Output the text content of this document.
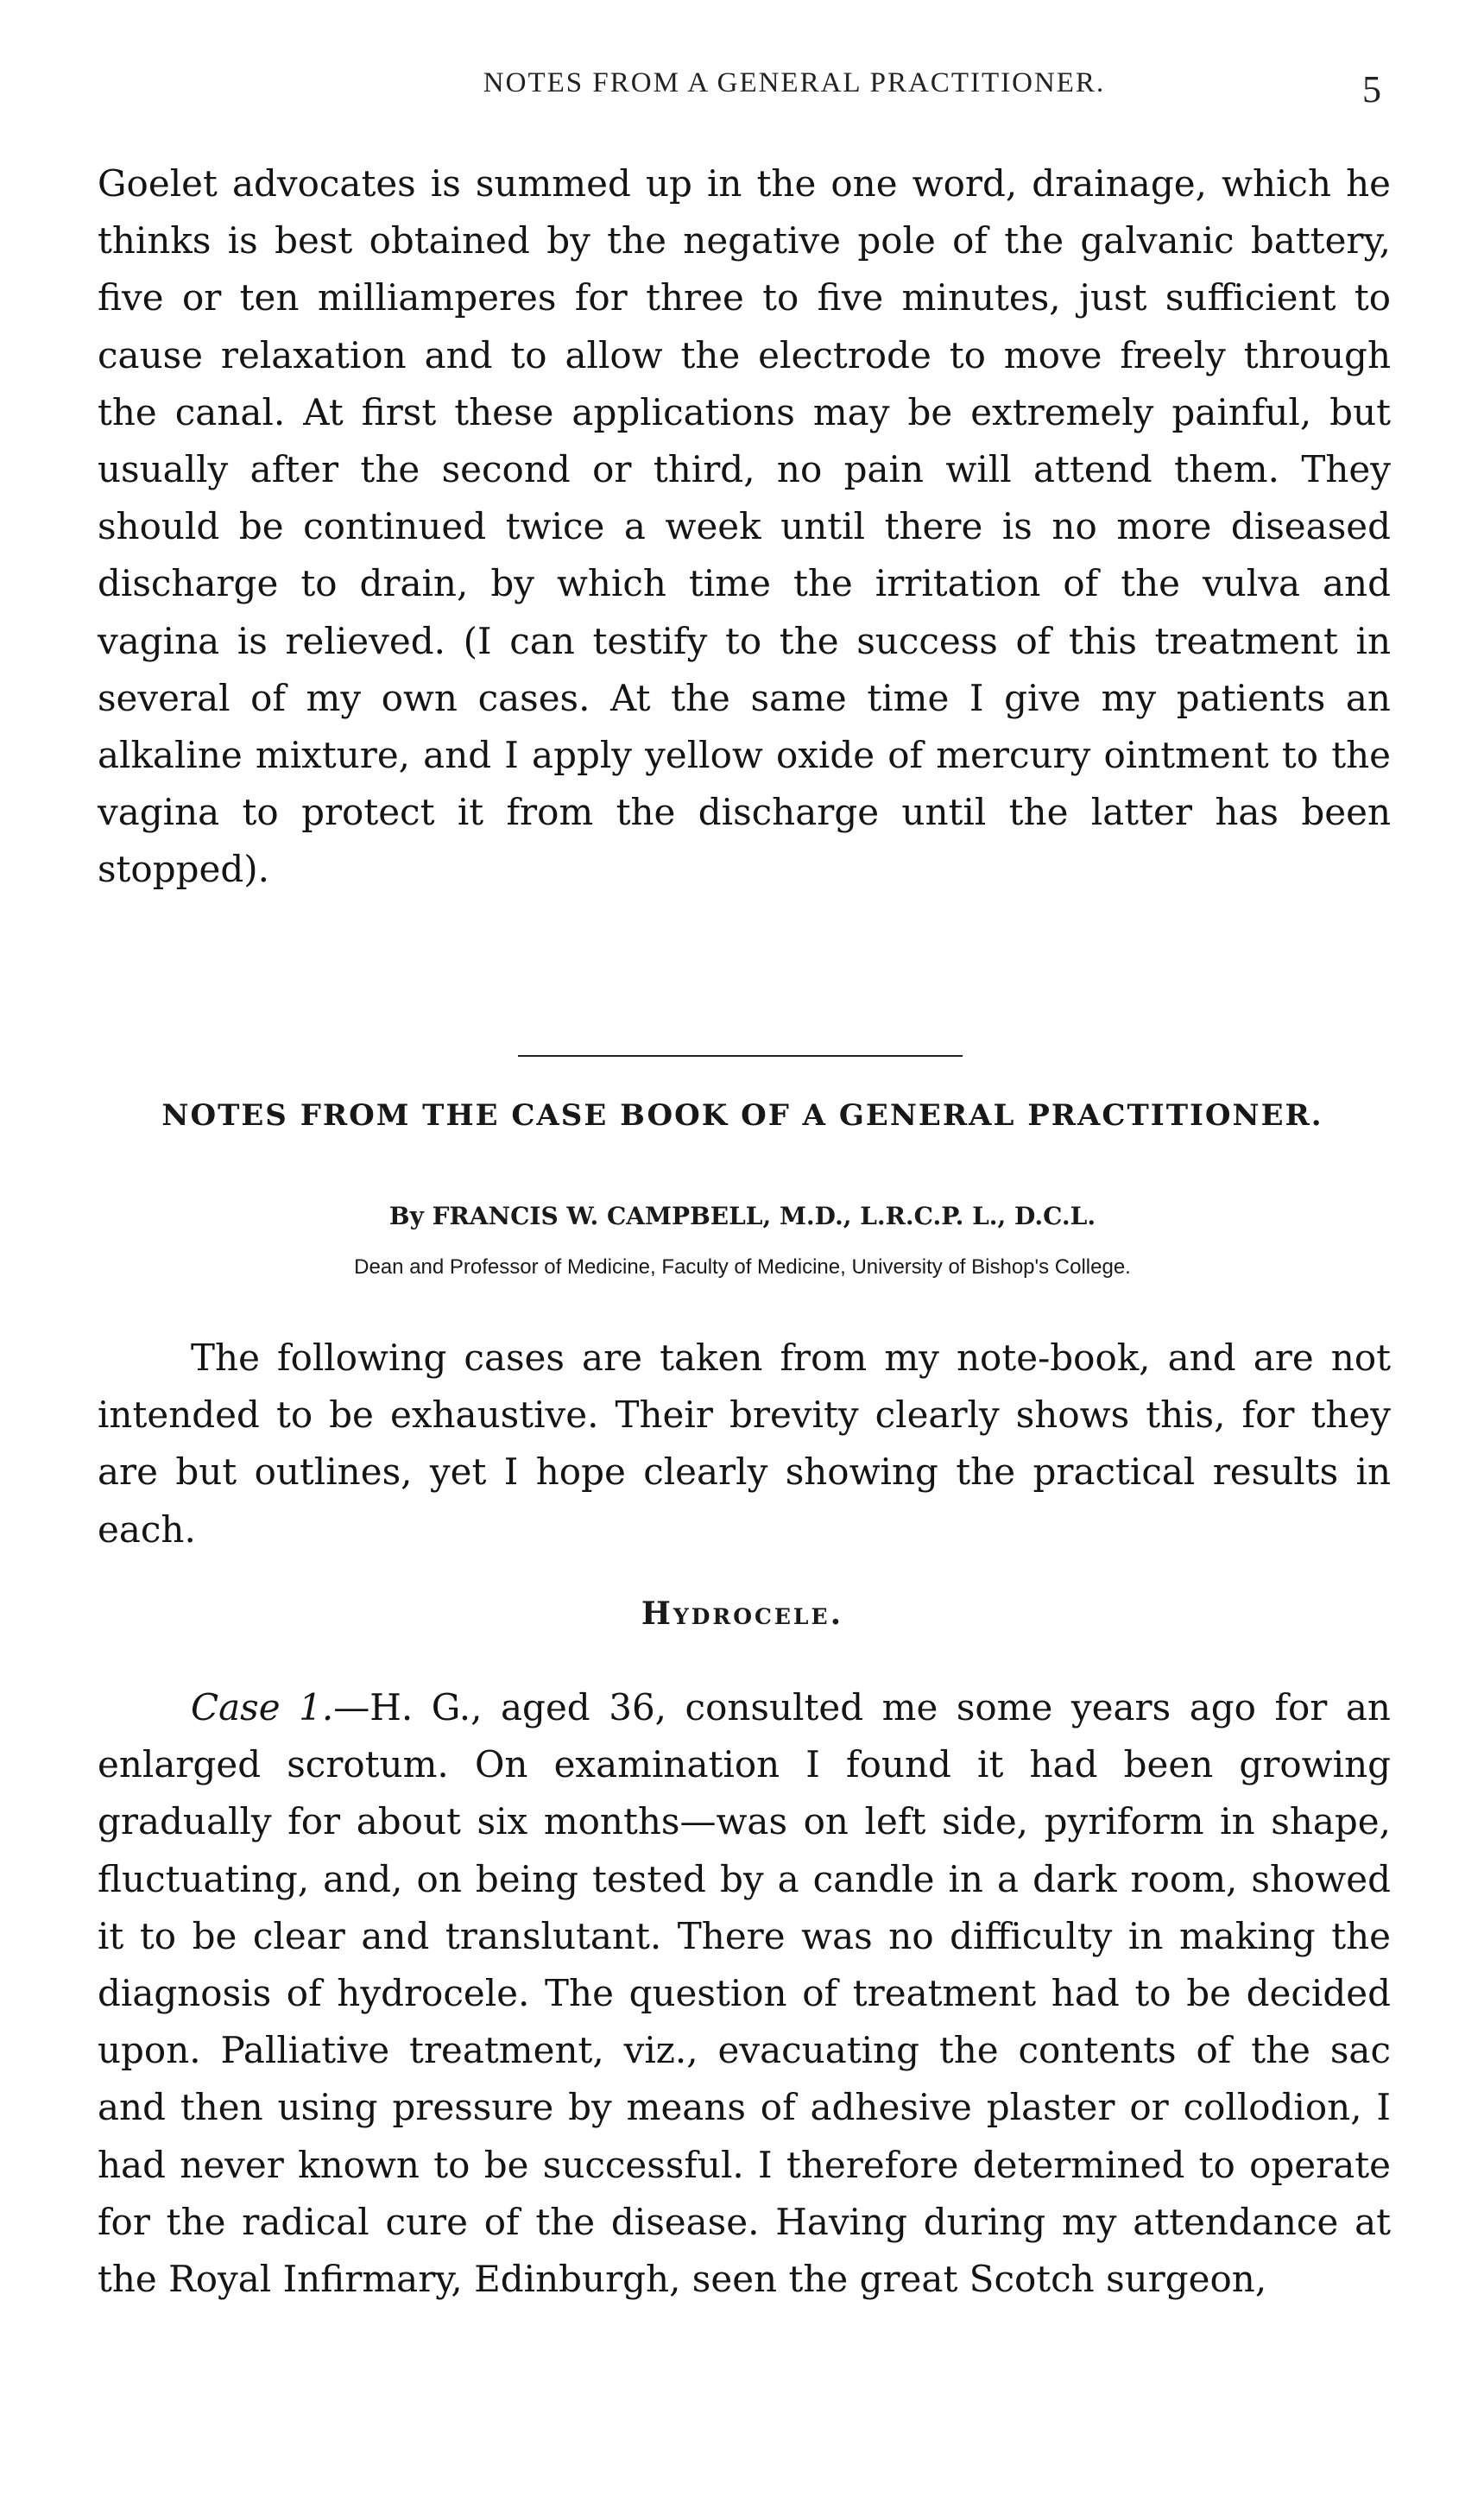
NOTES FROM A GENERAL PRACTITIONER.	5

Goelet advocates is summed up in the one word, drainage, which he thinks is best obtained by the negative pole of the galvanic battery, five or ten milliamperes for three to five minutes, just sufficient to cause relaxation and to allow the electrode to move freely through the canal. At first these applications may be extremely painful, but usually after the second or third, no pain will attend them. They should be continued twice a week until there is no more diseased discharge to drain, by which time the irritation of the vulva and vagina is relieved. (I can testify to the success of this treatment in several of my own cases. At the same time I give my patients an alkaline mixture, and I apply yellow oxide of mercury ointment to the vagina to protect it from the discharge until the latter has been stopped).

NOTES FROM THE CASE BOOK OF A GENERAL PRACTITIONER.

By FRANCIS W. CAMPBELL, M.D., L.R.C.P. L., D.C.L.

Dean and Professor of Medicine, Faculty of Medicine, University of Bishop's College.

The following cases are taken from my note-book, and are not intended to be exhaustive. Their brevity clearly shows this, for they are but outlines, yet I hope clearly showing the practical results in each.

Hydrocele.

Case 1.—H. G., aged 36, consulted me some years ago for an enlarged scrotum. On examination I found it had been growing gradually for about six months—was on left side, pyriform in shape, fluctuating, and, on being tested by a candle in a dark room, showed it to be clear and translutant. There was no difficulty in making the diagnosis of hydrocele. The question of treatment had to be decided upon. Palliative treatment, viz., evacuating the contents of the sac and then using pressure by means of adhesive plaster or collodion, I had never known to be successful. I therefore determined to operate for the radical cure of the disease. Having during my attendance at the Royal Infirmary, Edinburgh, seen the great Scotch surgeon,
